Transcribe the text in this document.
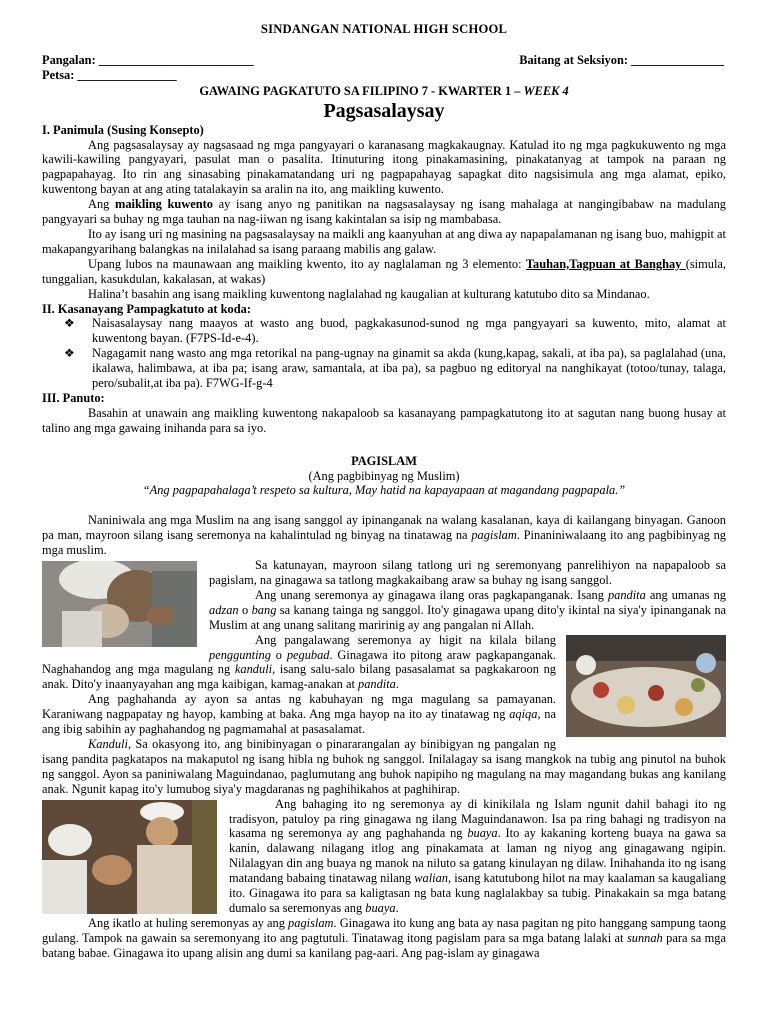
SINDANGAN NATIONAL HIGH SCHOOL
Pangalan: _________________________	Baitang at Seksiyon: _______________
Petsa: ________________
GAWAING PAGKATUTO SA FILIPINO 7 - KWARTER 1 – WEEK 4
Pagsasalaysay
I. Panimula (Susing Konsepto)

Ang pagsasalaysay ay nagsasaad ng mga pangyayari o karanasang magkakaugnay. Katulad ito ng mga pagkukuwento ng mga kawili-kawiling pangyayari, pasulat man o pasalita. Itinuturing itong pinakamasining, pinakatanyag at tampok na paraan ng pagpapahayag. Ito rin ang sinasabing pinakamatandang uri ng pagpapahayag sapagkat dito nagsisimula ang mga alamat, epiko, kuwentong bayan at ang ating tatalakayin sa aralin na ito, ang maikling kuwento.

Ang maikling kuwento ay isang anyo ng panitikan na nagsasalaysay ng isang mahalaga at nangingibabaw na madulang pangyayari sa buhay ng mga tauhan na nag-iiwan ng isang kakintalan sa isip ng mambabasa.

Ito ay isang uri ng masining na pagsasalaysay na maikli ang kaanyuhan at ang diwa ay napapalamanan ng isang buo, mahigpit at makapangyarihang balangkas na inilalahad sa isang paraang mabilis ang galaw.

Upang lubos na maunawaan ang maikling kwento, ito ay naglalaman ng 3 elemento: Tauhan,Tagpuan at Banghay (simula, tunggalian, kasukdulan, kakalasan, at wakas)

Halina’t basahin ang isang maikling kuwentong naglalahad ng kaugalian at kulturang katutubo dito sa Mindanao.

II. Kasanayang Pampagkatuto at koda:
❖ Naisasalaysay nang maayos at wasto ang buod, pagkakasunod-sunod ng mga pangyayari sa kuwento, mito, alamat at kuwentong bayan. (F7PS-Id-e-4).
❖ Nagagamit nang wasto ang mga retorikal na pang-ugnay na ginamit sa akda (kung,kapag, sakali, at iba pa), sa paglalahad (una, ikalawa, halimbawa, at iba pa; isang araw, samantala, at iba pa), sa pagbuo ng editoryal na nanghikayat (totoo/tunay, talaga, pero/subalit,at iba pa). F7WG-If-g-4
III. Panuto:

Basahin at unawain ang maikling kuwentong nakapaloob sa kasanayang pampagkatutong ito at sagutan nang buong husay at talino ang mga gawaing inihanda para sa iyo.

PAGISLAM
(Ang pagbibinyag ng Muslim)
“Ang pagpapahalaga’t respeto sa kultura, May hatid na kapayapaan at magandang pagpapala.”

Naniniwala ang mga Muslim na ang isang sanggol ay ipinanganak na walang kasalanan, kaya di kailangang binyagan. Ganoon pa man, mayroon silang isang seremonya na kahalintulad ng binyag na tinatawag na pagislam. Pinaniniwalaang ito ang pagbibinyag ng mga muslim.

Sa katunayan, mayroon silang tatlong uri ng seremonyang panrelihiyon na napapaloob sa pagislam, na ginagawa sa tatlong magkakaibang araw sa buhay ng isang sanggol.

Ang unang seremonya ay ginagawa ilang oras pagkapanganak. Isang pandita ang umanas ng adzan o bang sa kanang tainga ng sanggol. Ito'y ginagawa upang dito'y ikintal na siya'y ipinanganak na Muslim at ang unang salitang maririnig ay ang pangalan ni Allah.

Ang pangalawang seremonya ay higit na kilala bilang penggunting o pegubad. Ginagawa ito pitong araw pagkapanganak. Naghahandog ang mga magulang ng kanduli, isang salu-salo bilang pasasalamat sa pagkakaroon ng anak. Dito'y inaanyayahan ang mga kaibigan, kamag-anakan at pandita.

Ang paghahanda ay ayon sa antas ng kabuhayan ng mga magulang sa pamayanan. Karaniwang nagpapatay ng hayop, kambing at baka. Ang mga hayop na ito ay tinatawag ng aqiqa, na ang ibig sabihin ay paghahandog ng pagmamahal at pasasalamat.

Kanduli, Sa okasyong ito, ang binibinyagan o pinararangalan ay binibigyan ng pangalan ng isang pandita pagkatapos na makaputol ng isang hibla ng buhok ng sanggol. Inilalagay sa isang mangkok na tubig ang pinutol na buhok ng sanggol. Ayon sa paniniwalang Maguindanao, paglumutang ang buhok napipiho ng magulang na may magandang bukas ang kanilang anak. Ngunit kapag ito'y lumubog siya'y magdaranas ng paghihikahos at paghihirap.

Ang bahaging ito ng seremonya ay di kinikilala ng Islam ngunit dahil bahagi ito ng tradisyon, patuloy pa ring ginagawa ng ilang Maguindanawon. Isa pa ring bahagi ng tradisyon na kasama ng seremonya ay ang paghahanda ng buaya. Ito ay kakaning korteng buaya na gawa sa kanin, dalawang nilagang itlog ang pinakamata at laman ng niyog ang ginagawang ngipin. Nilalagyan din ang buaya ng manok na niluto sa gatang kinulayan ng dilaw. Inihahanda ito ng isang matandang babaing tinatawag nilang walian, isang katutubong hilot na may kaalaman sa kaugaliang ito. Ginagawa ito para sa kaligtasan ng bata kung naglalakbay sa tubig. Pinakakain sa mga batang dumalo sa seremonyas ang buaya.

Ang ikatlo at huling seremonyas ay ang pagislam. Ginagawa ito kung ang bata ay nasa pagitan ng pito hanggang sampung taong gulang. Tampok na gawain sa seremonyang ito ang pagtutuli. Tinatawag itong pagislam para sa mga batang lalaki at sunnah para sa mga batang babae. Ginagawa ito upang alisin ang dumi sa kanilang pag-aari. Ang pag-islam ay ginagawa
